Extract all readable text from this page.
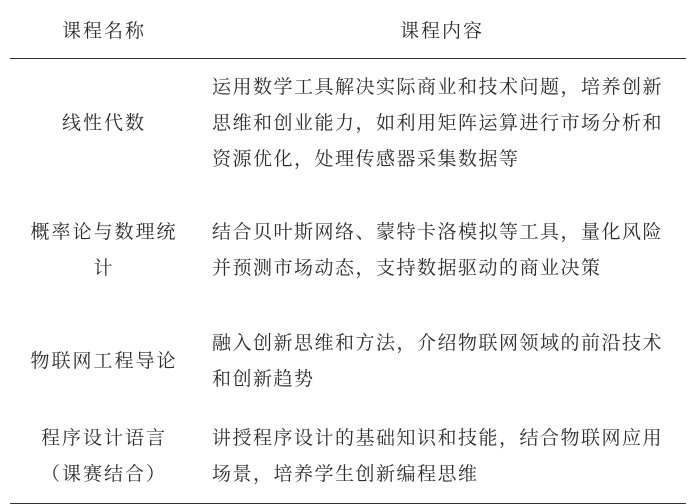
课程名称	课程内容
线性代数	运用数学工具解决实际商业和技术问题，培养创新思维和创业能力，如利用矩阵运算进行市场分析和资源优化，处理传感器采集数据等
概率论与数理统计	结合贝叶斯网络、蒙特卡洛模拟等工具，量化风险并预测市场动态，支持数据驱动的商业决策
物联网工程导论	融入创新思维和方法，介绍物联网领域的前沿技术和创新趋势
程序设计语言（课赛结合）	讲授程序设计的基础知识和技能，结合物联网应用场景，培养学生创新编程思维
